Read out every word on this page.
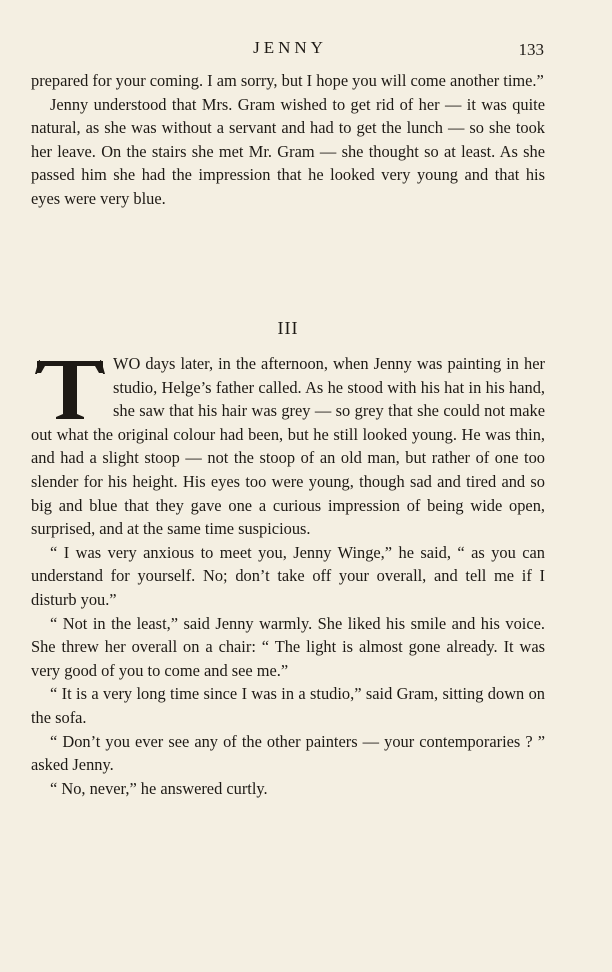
JENNY	133

prepared for your coming. I am sorry, but I hope you will come another time.”

Jenny understood that Mrs. Gram wished to get rid of her — it was quite natural, as she was without a servant and had to get the lunch — so she took her leave. On the stairs she met Mr. Gram — she thought so at least. As she passed him she had the impression that he looked very young and that his eyes were very blue.

III

WO days later, in the afternoon, when Jenny was painting in her studio, Helge’s father called. As he stood with his hat in his hand, she saw that his hair was grey — so grey that she could not make out what the original colour had been, but he still looked young. He was thin, and had a slight stoop — not the stoop of an old man, but rather of one too slender for his height. His eyes too were young, though sad and tired and so big and blue that they gave one a curious impression of being wide open, surprised, and at the same time suspicious.

“ I was very anxious to meet you, Jenny Winge,” he said, “ as you can understand for yourself. No; don’t take off your overall, and tell me if I disturb you.”

“ Not in the least,” said Jenny warmly. She liked his smile and his voice. She threw her overall on a chair: “ The light is almost gone already. It was very good of you to come and see me.”

“ It is a very long time since I was in a studio,” said Gram, sitting down on the sofa.

“ Don’t you ever see any of the other painters — your contemporaries ? ” asked Jenny.

“ No, never,” he answered curtly.
